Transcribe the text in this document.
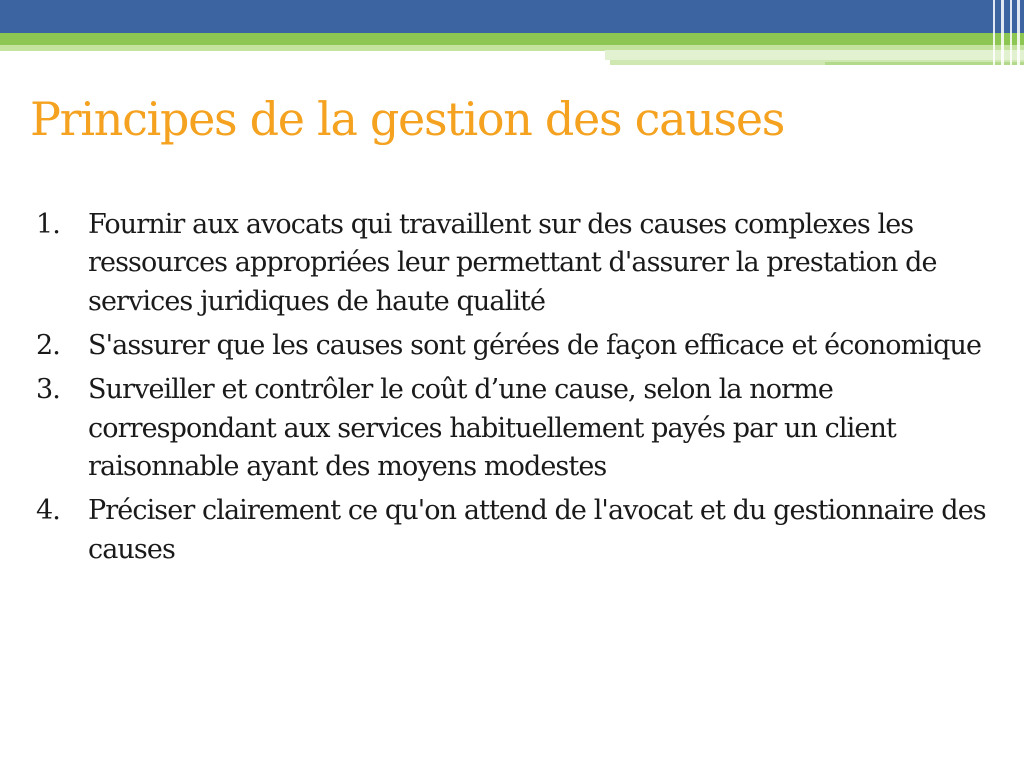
Principes de la gestion des causes
1.	Fournir aux avocats qui travaillent sur des causes complexes les ressources appropriées leur permettant d'assurer la prestation de services juridiques de haute qualité
2.	S'assurer que les causes sont gérées de façon efficace et économique
3.	Surveiller et contrôler le coût d’une cause, selon la norme correspondant aux services habituellement payés par un client raisonnable ayant des moyens modestes
4.	Préciser clairement ce qu'on attend de l'avocat et du gestionnaire des causes
